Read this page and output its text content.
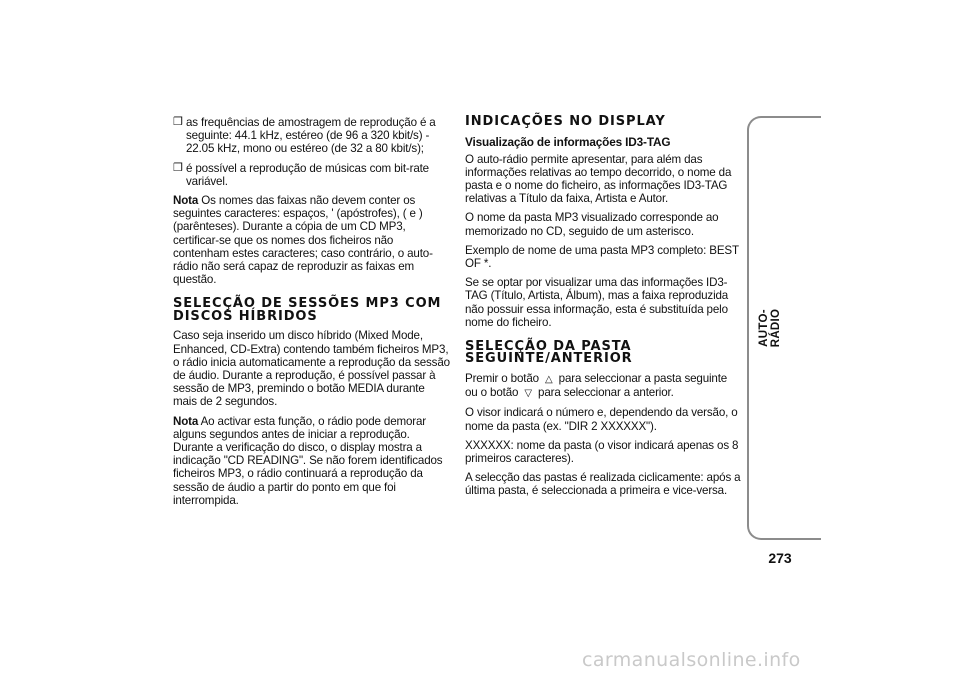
❒ as frequências de amostragem de reprodução é a seguinte: 44.1 kHz, estéreo (de 96 a 320 kbit/s) - 22.05 kHz, mono ou estéreo (de 32 a 80 kbit/s);
❒ é possível a reprodução de músicas com bit-rate variável.

Nota Os nomes das faixas não devem conter os seguintes caracteres: espaços, ' (apóstrofes), ( e ) (parênteses). Durante a cópia de um CD MP3, certificar-se que os nomes dos ficheiros não contenham estes caracteres; caso contrário, o auto-rádio não será capaz de reproduzir as faixas em questão.

SELECÇÃO DE SESSÕES MP3 COM DISCOS HÍBRIDOS

Caso seja inserido um disco híbrido (Mixed Mode, Enhanced, CD-Extra) contendo também ficheiros MP3, o rádio inicia automaticamente a reprodução da sessão de áudio. Durante a reprodução, é possível passar à sessão de MP3, premindo o botão MEDIA durante mais de 2 segundos.

Nota Ao activar esta função, o rádio pode demorar alguns segundos antes de iniciar a reprodução. Durante a verificação do disco, o display mostra a indicação "CD READING". Se não forem identificados ficheiros MP3, o rádio continuará a reprodução da sessão de áudio a partir do ponto em que foi interrompida.

INDICAÇÕES NO DISPLAY
Visualização de informações ID3-TAG

O auto-rádio permite apresentar, para além das informações relativas ao tempo decorrido, o nome da pasta e o nome do ficheiro, as informações ID3-TAG relativas a Título da faixa, Artista e Autor.

O nome da pasta MP3 visualizado corresponde ao memorizado no CD, seguido de um asterisco.

Exemplo de nome de uma pasta MP3 completo: BEST OF *.

Se se optar por visualizar uma das informações ID3-TAG (Título, Artista, Álbum), mas a faixa reproduzida não possuir essa informação, esta é substituída pelo nome do ficheiro.

SELECÇÃO DA PASTA SEGUINTE/ANTERIOR

Premir o botão △ para seleccionar a pasta seguinte ou o botão ▽ para seleccionar a anterior.

O visor indicará o número e, dependendo da versão, o nome da pasta (ex. "DIR 2 XXXXXX").

XXXXXX: nome da pasta (o visor indicará apenas os 8 primeiros caracteres).

A selecção das pastas é realizada ciclicamente: após a última pasta, é seleccionada a primeira e vice-versa.

AUTO-RÁDIO
273
carmanualsonline.info
